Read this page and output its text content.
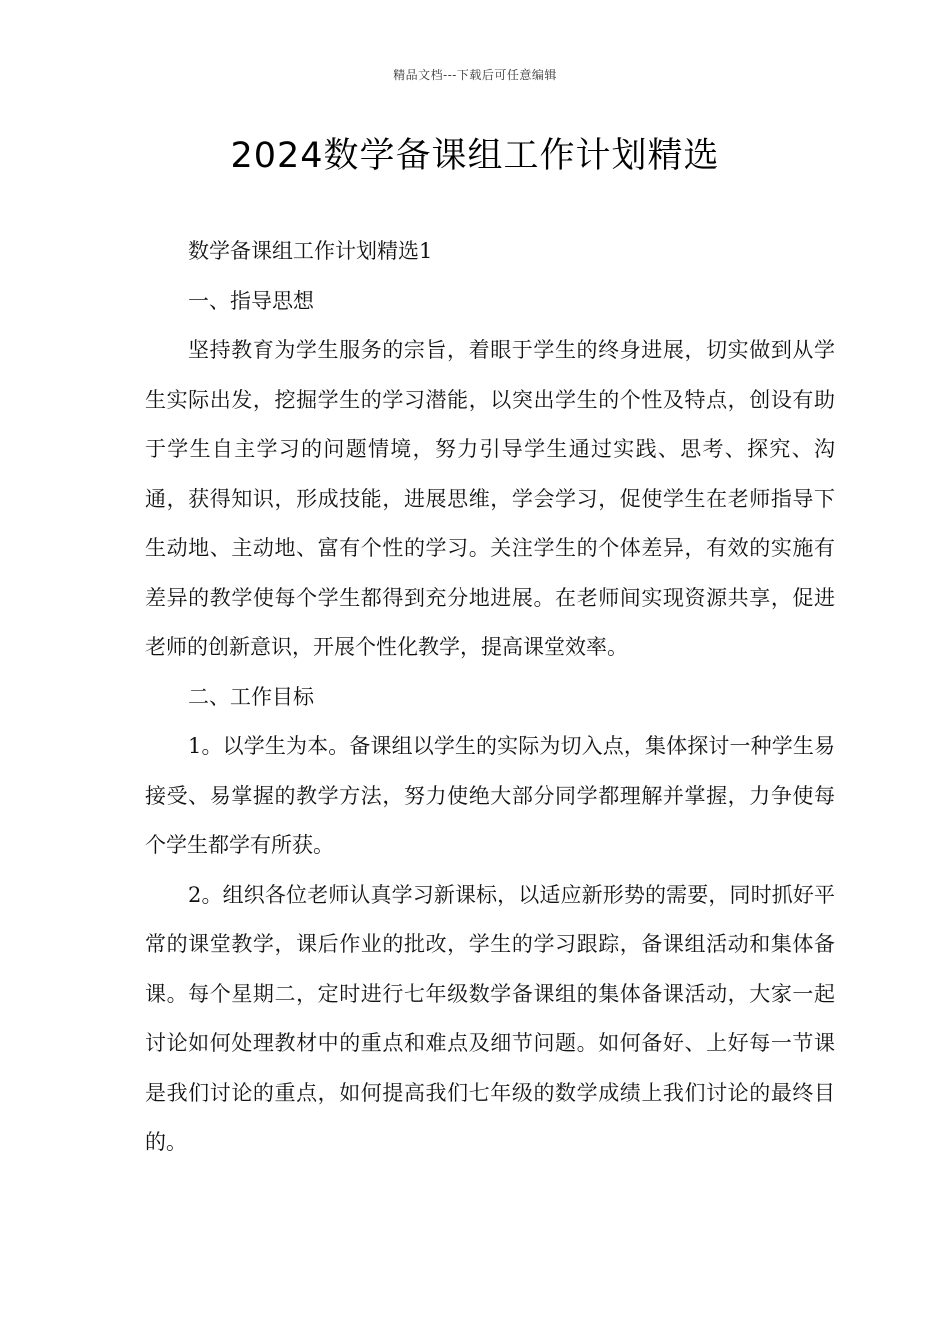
精品文档---下载后可任意编辑
2024数学备课组工作计划精选

数学备课组工作计划精选1

一、指导思想

坚持教育为学生服务的宗旨，着眼于学生的终身进展，切实做到从学生实际出发，挖掘学生的学习潜能，以突出学生的个性及特点，创设有助于学生自主学习的问题情境，努力引导学生通过实践、思考、探究、沟通，获得知识，形成技能，进展思维，学会学习，促使学生在老师指导下生动地、主动地、富有个性的学习。关注学生的个体差异，有效的实施有差异的教学使每个学生都得到充分地进展。在老师间实现资源共享，促进老师的创新意识，开展个性化教学，提高课堂效率。

二、工作目标

1。以学生为本。备课组以学生的实际为切入点，集体探讨一种学生易接受、易掌握的教学方法，努力使绝大部分同学都理解并掌握，力争使每个学生都学有所获。

2。组织各位老师认真学习新课标，以适应新形势的需要，同时抓好平常的课堂教学，课后作业的批改，学生的学习跟踪，备课组活动和集体备课。每个星期二，定时进行七年级数学备课组的集体备课活动，大家一起讨论如何处理教材中的重点和难点及细节问题。如何备好、上好每一节课是我们讨论的重点，如何提高我们七年级的数学成绩上我们讨论的最终目的。
